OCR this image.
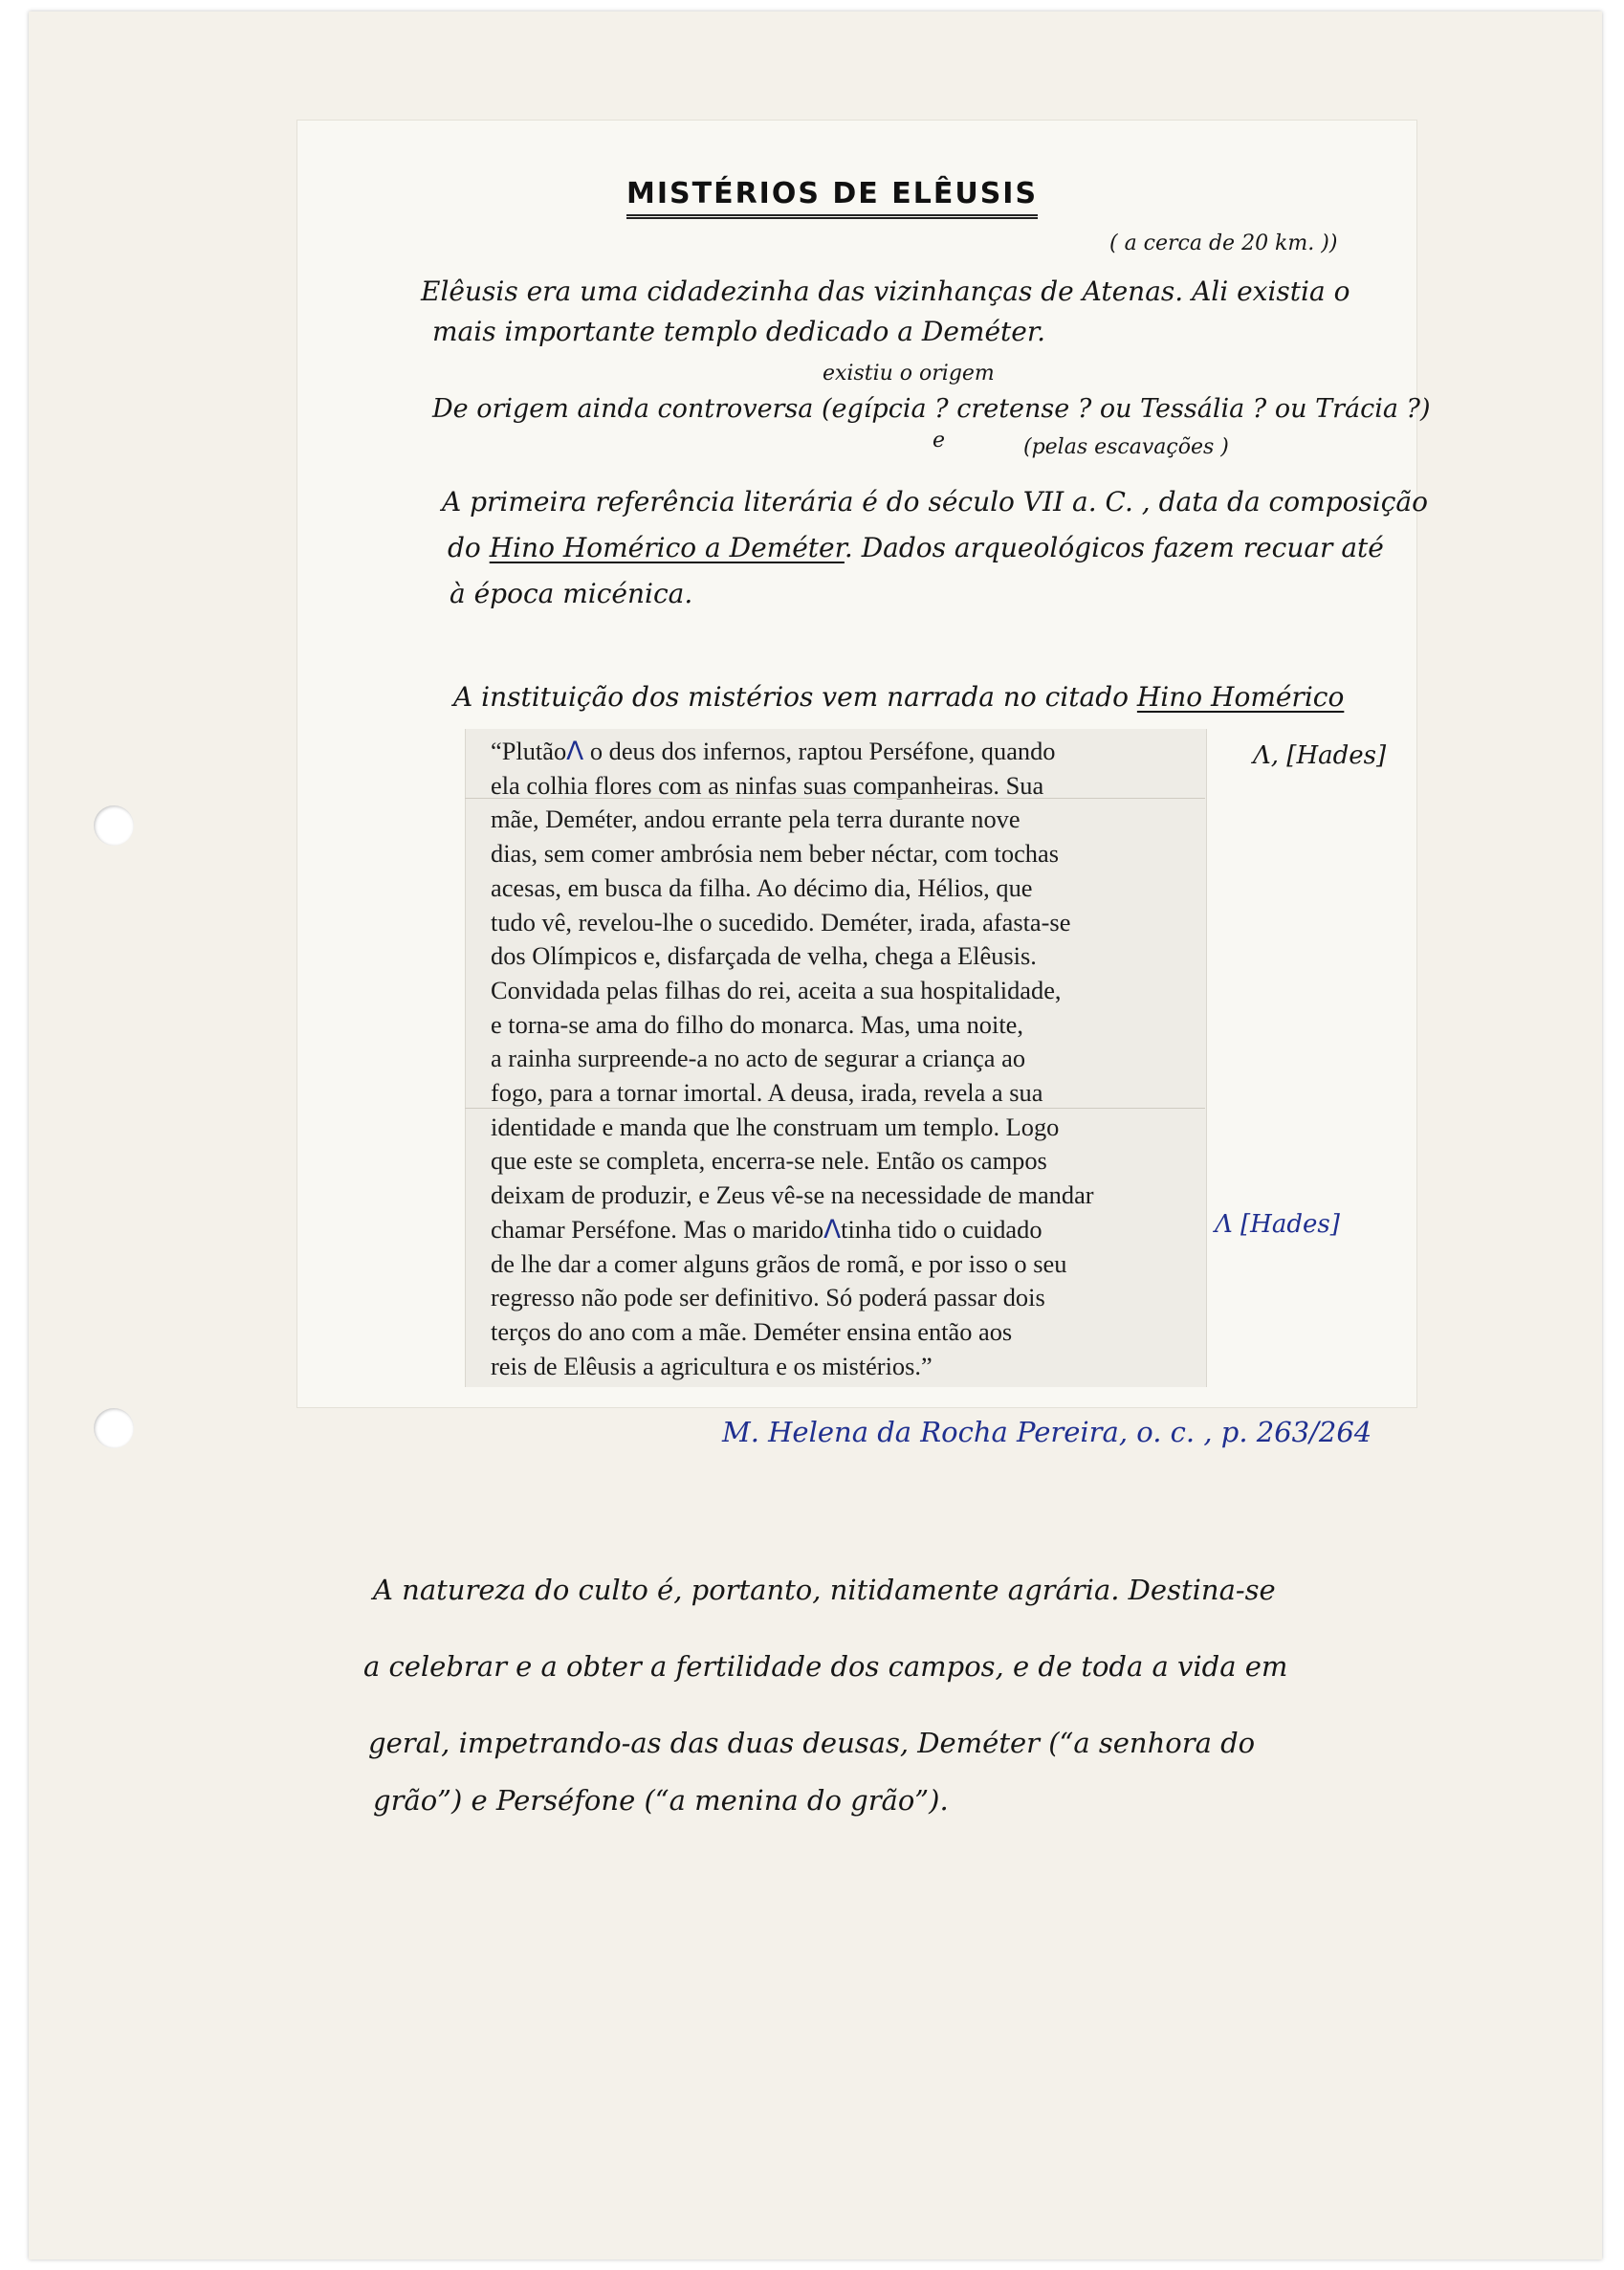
MISTÉRIOS DE ELÊUSIS

( a cerca de 20 km. ))

Elêusis era uma cidadezinha das vizinhanças de Atenas. Ali existia o

mais importante templo dedicado a Deméter.

existiu o origem

De origem ainda controversa (egípcia ? cretense ? ou Tessália ? ou Trácia ?)

e	(pelas escavações )

A primeira referência literária é do século VII a. C. , data da composição

do Hino Homérico a Deméter. Dados arqueológicos fazem recuar até

à época micénica.

A instituição dos mistérios vem narrada no citado Hino Homérico

“PlutãoΛ o deus dos infernos, raptou Perséfone, quando

ela colhia flores com as ninfas suas companheiras. Sua

mãe, Deméter, andou errante pela terra durante nove

dias, sem comer ambrósia nem beber néctar, com tochas

acesas, em busca da filha. Ao décimo dia, Hélios, que

tudo vê, revelou-lhe o sucedido. Deméter, irada, afasta-se

dos Olímpicos e, disfarçada de velha, chega a Elêusis.

Convidada pelas filhas do rei, aceita a sua hospitalidade,

e torna-se ama do filho do monarca. Mas, uma noite,

a rainha surpreende-a no acto de segurar a criança ao

fogo, para a tornar imortal. A deusa, irada, revela a sua

identidade e manda que lhe construam um templo. Logo

que este se completa, encerra-se nele. Então os campos

deixam de produzir, e Zeus vê-se na necessidade de mandar

chamar Perséfone. Mas o maridoΛtinha tido o cuidado

de lhe dar a comer alguns grãos de romã, e por isso o seu

regresso não pode ser definitivo. Só poderá passar dois

terços do ano com a mãe. Deméter ensina então aos

reis de Elêusis a agricultura e os mistérios.”

Λ, [Hades]

Λ [Hades]

M. Helena da Rocha Pereira, o. c. , p. 263/264

A natureza do culto é, portanto, nitidamente agrária. Destina-se

a celebrar e a obter a fertilidade dos campos, e de toda a vida em

geral, impetrando-as das duas deusas, Deméter (“a senhora do

grão”) e Perséfone (“a menina do grão”).
